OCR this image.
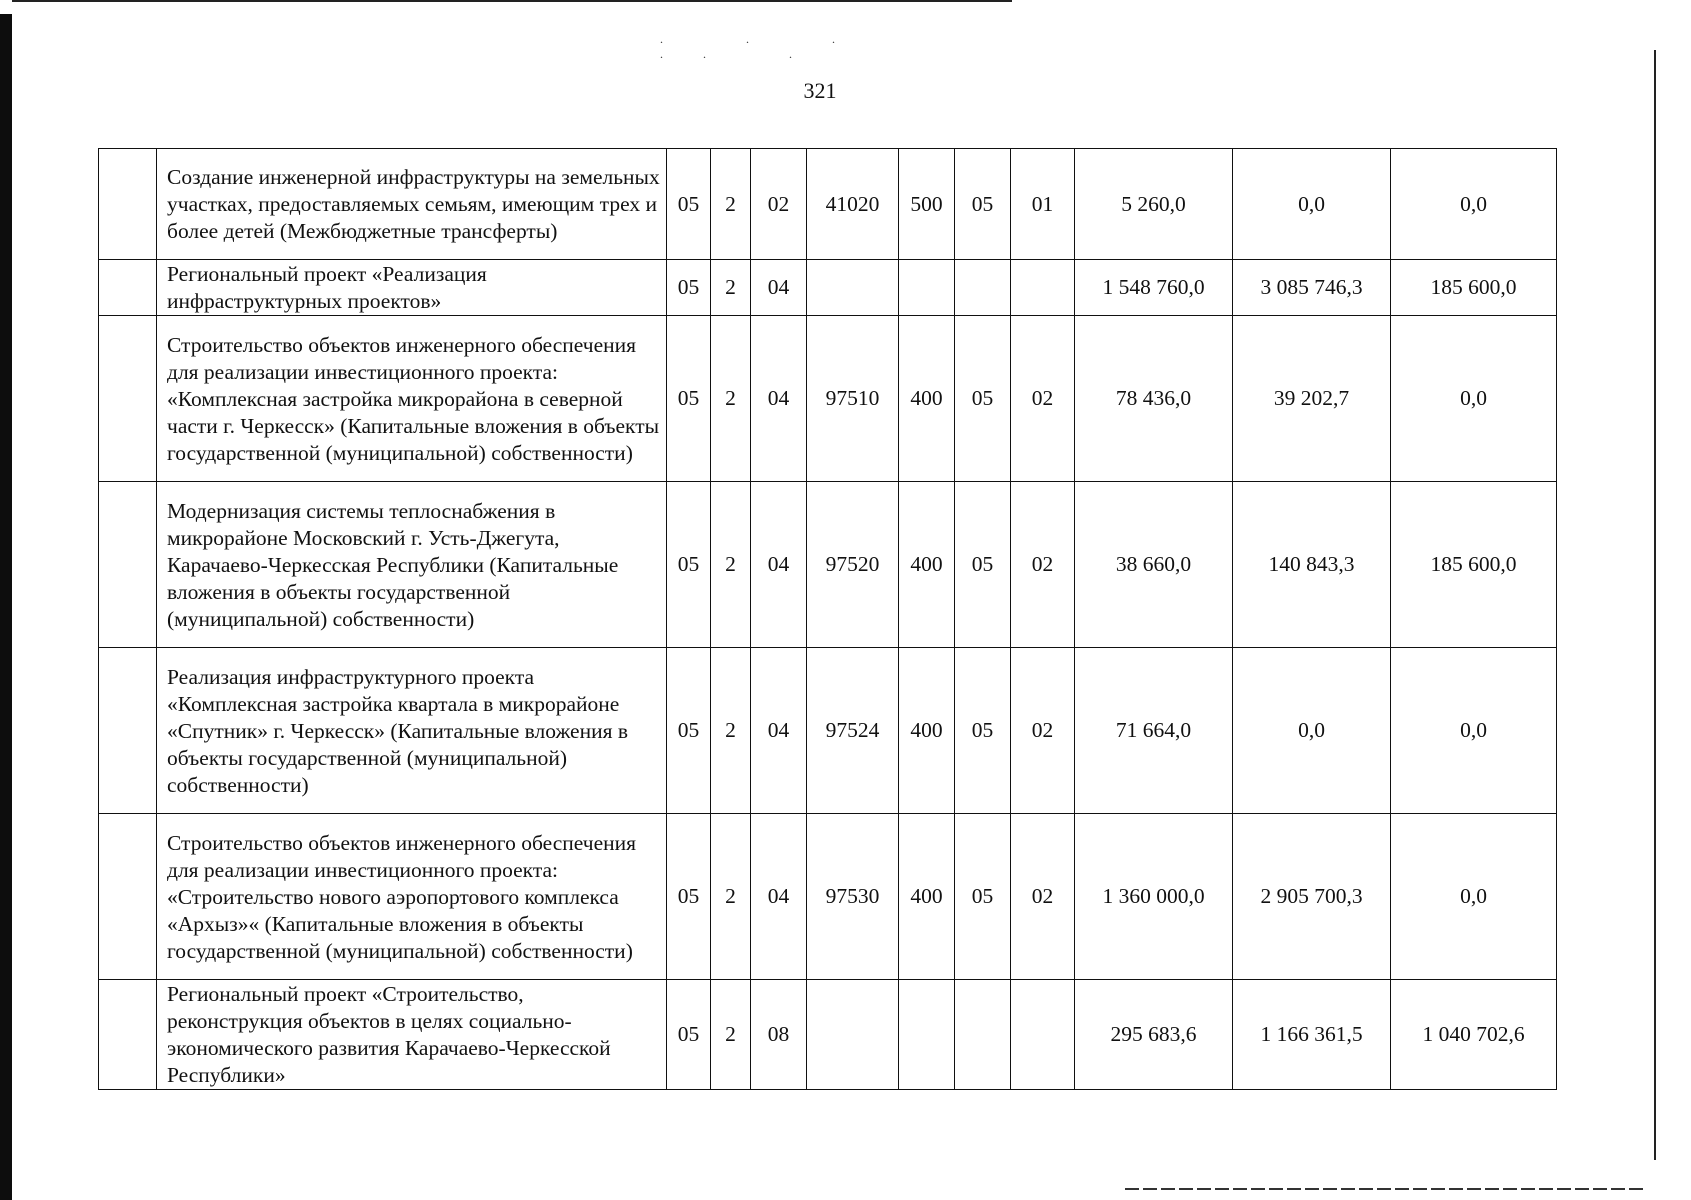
. . . .. .
321
	Создание инженерной инфраструктуры на земельных участках, предоставляемых семьям, имеющим трех и более детей (Межбюджетные трансферты)	05	2	02	41020	500	05	01	5 260,0	0,0	0,0
	Региональный проект «Реализация инфраструктурных проектов»	05	2	04					1 548 760,0	3 085 746,3	185 600,0
	Строительство объектов инженерного обеспечения для реализации инвестиционного проекта: «Комплексная застройка микрорайона в северной части г. Черкесск» (Капитальные вложения в объекты государственной (муниципальной) собственности)	05	2	04	97510	400	05	02	78 436,0	39 202,7	0,0
	Модернизация системы теплоснабжения в микрорайоне Московский г. Усть-Джегута, Карачаево-Черкесская Республики (Капитальные вложения в объекты государственной (муниципальной) собственности)	05	2	04	97520	400	05	02	38 660,0	140 843,3	185 600,0
	Реализация инфраструктурного проекта «Комплексная застройка квартала в микрорайоне «Спутник» г. Черкесск» (Капитальные вложения в объекты государственной (муниципальной) собственности)	05	2	04	97524	400	05	02	71 664,0	0,0	0,0
	Строительство объектов инженерного обеспечения для реализации инвестиционного проекта: «Строительство нового аэропортового комплекса «Архыз»« (Капитальные вложения в объекты государственной (муниципальной) собственности)	05	2	04	97530	400	05	02	1 360 000,0	2 905 700,3	0,0
	Региональный проект «Строительство, реконструкция объектов в целях социально-экономического развития Карачаево-Черкесской Республики»	05	2	08					295 683,6	1 166 361,5	1 040 702,6
